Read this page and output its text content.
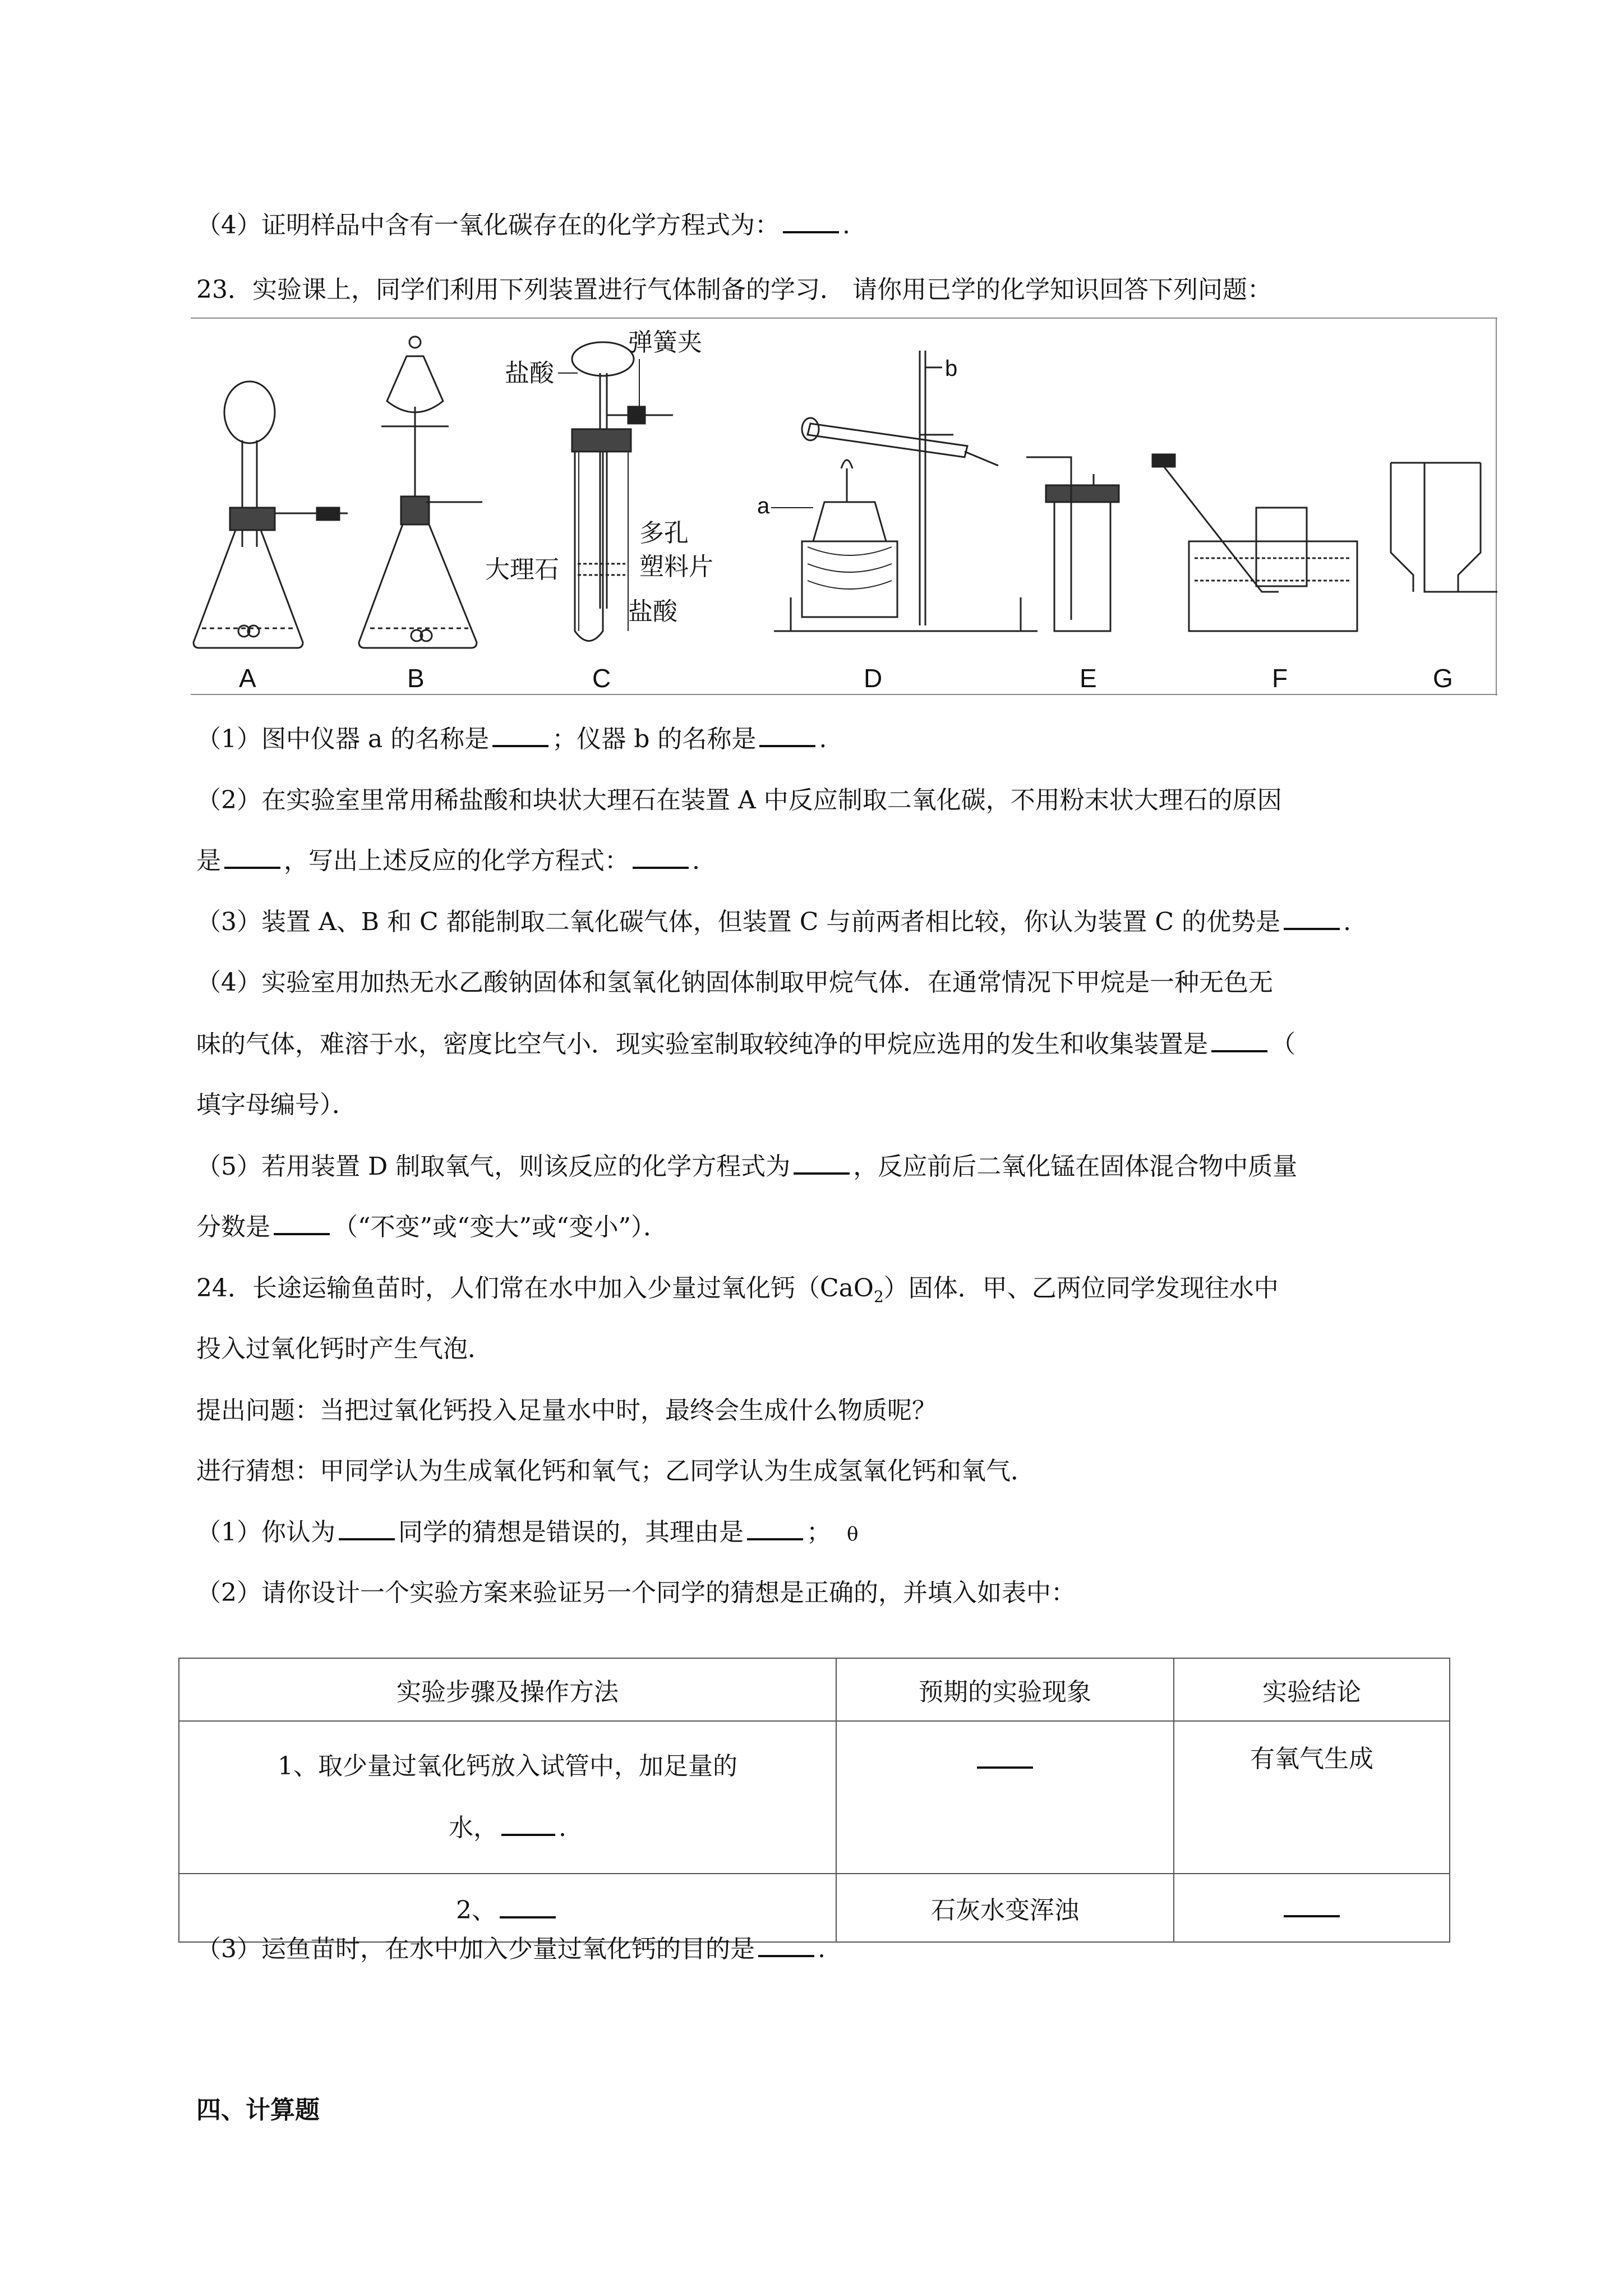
（4）证明样品中含有一氧化碳存在的化学方程式为：	.
23．实验课上，同学们利用下列装置进行气体制备的学习． 请你用已学的化学知识回答下列问题：
盐酸
弹簧夹
大理石
多孔
塑料片
盐酸
a
b
A	B	C	D	E	F	G
（1）图中仪器 a 的名称是	；仪器 b 的名称是	.
（2）在实验室里常用稀盐酸和块状大理石在装置 A 中反应制取二氧化碳，不用粉末状大理石的原因
是	，写出上述反应的化学方程式：	.
（3）装置 A、B 和 C 都能制取二氧化碳气体，但装置 C 与前两者相比较，你认为装置 C 的优势是	.
（4）实验室用加热无水乙酸钠固体和氢氧化钠固体制取甲烷气体．在通常情况下甲烷是一种无色无
味的气体，难溶于水，密度比空气小．现实验室制取较纯净的甲烷应选用的发生和收集装置是	（
填字母编号）．
（5）若用装置 D 制取氧气，则该反应的化学方程式为	，反应前后二氧化锰在固体混合物中质量
分数是	（“不变”或“变大”或“变小”）．
24．长途运输鱼苗时，人们常在水中加入少量过氧化钙（CaO$_2$）固体．甲、乙两位同学发现往水中
投入过氧化钙时产生气泡．
提出问题：当把过氧化钙投入足量水中时，最终会生成什么物质呢？
进行猜想：甲同学认为生成氧化钙和氧气；乙同学认为生成氢氧化钙和氧气．
（1）你认为	同学的猜想是错误的，其理由是	； θ
（2）请你设计一个实验方案来验证另一个同学的猜想是正确的，并填入如表中：
实验步骤及操作方法	预期的实验现象	实验结论

1、取少量过氧化钙放入试管中，加足量的
水， .		有氧气生成
2、	石灰水变浑浊	
（3）运鱼苗时，在水中加入少量过氧化钙的目的是	.
四、计算题
